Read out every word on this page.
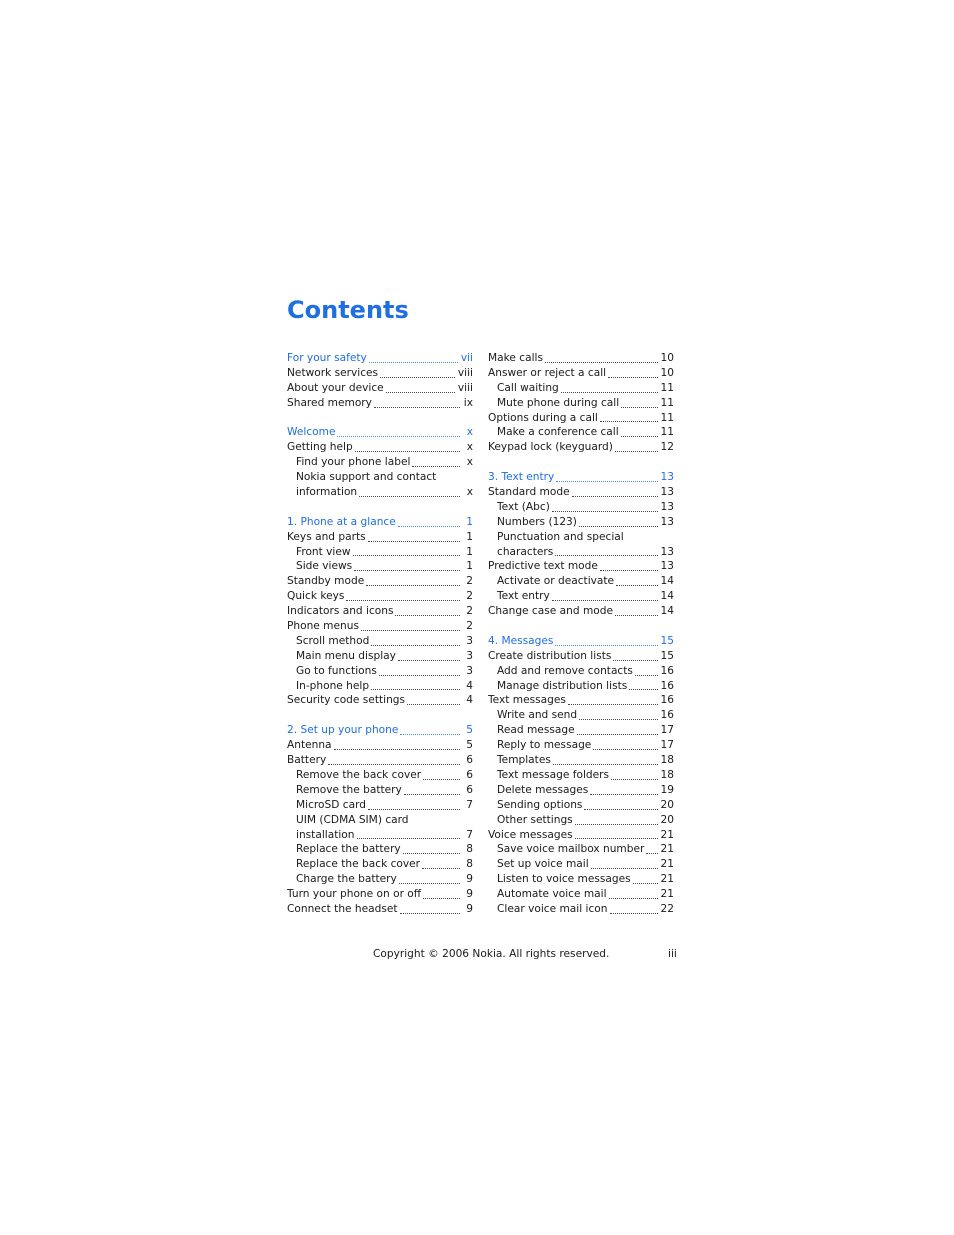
Contents
For your safety	vii
Network services	viii
About your device	viii
Shared memory	ix
Welcome	x
Getting help	x
Find your phone label	x
Nokia support and contact
information	x
1. Phone at a glance	1
Keys and parts	1
Front view	1
Side views	1
Standby mode	2
Quick keys	2
Indicators and icons	2
Phone menus	2
Scroll method	3
Main menu display	3
Go to functions	3
In-phone help	4
Security code settings	4
2. Set up your phone	5
Antenna	5
Battery	6
Remove the back cover	6
Remove the battery	6
MicroSD card	7
UIM (CDMA SIM) card
installation	7
Replace the battery	8
Replace the back cover	8
Charge the battery	9
Turn your phone on or off	9
Connect the headset	9
Make calls	10
Answer or reject a call	10
Call waiting	11
Mute phone during call	11
Options during a call	11
Make a conference call	11
Keypad lock (keyguard)	12
3. Text entry	13
Standard mode	13
Text (Abc)	13
Numbers (123)	13
Punctuation and special
characters	13
Predictive text mode	13
Activate or deactivate	14
Text entry	14
Change case and mode	14
4. Messages	15
Create distribution lists	15
Add and remove contacts	16
Manage distribution lists	16
Text messages	16
Write and send	16
Read message	17
Reply to message	17
Templates	18
Text message folders	18
Delete messages	19
Sending options	20
Other settings	20
Voice messages	21
Save voice mailbox number 21
Set up voice mail	21
Listen to voice messages	21
Automate voice mail	21
Clear voice mail icon	22
Copyright © 2006 Nokia. All rights reserved.	iii
